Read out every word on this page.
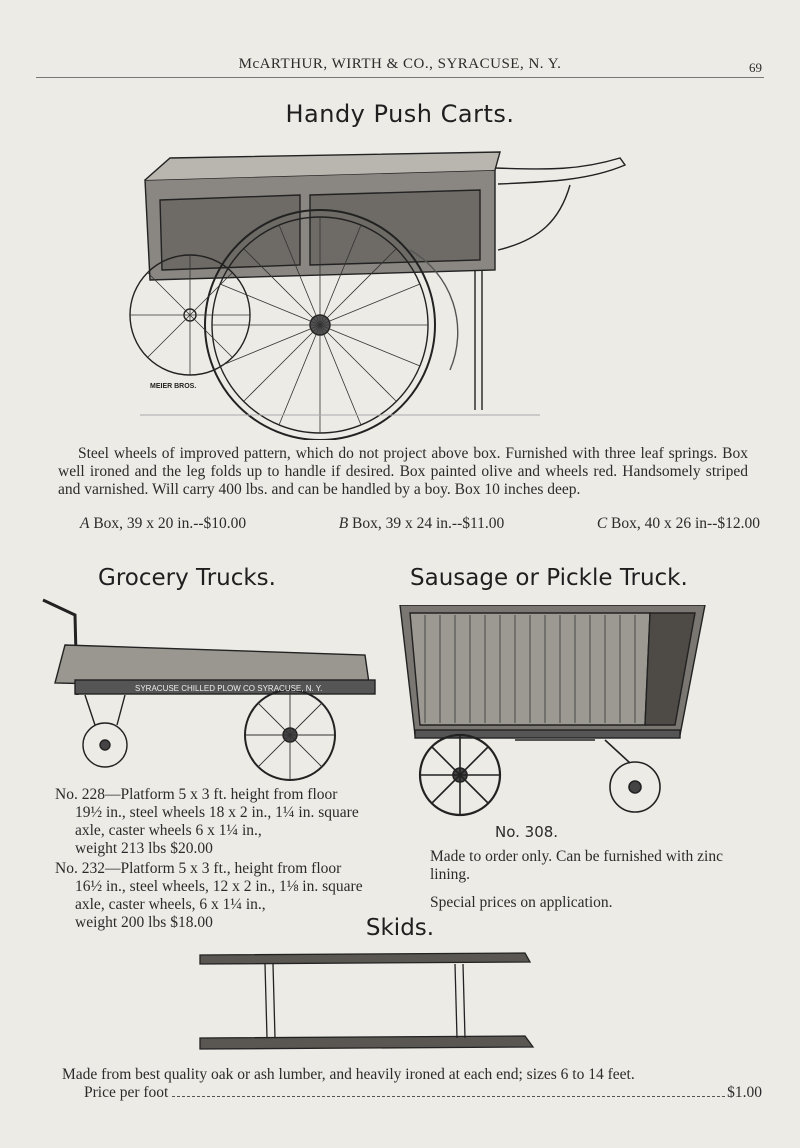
McARTHUR, WIRTH & CO., SYRACUSE, N. Y.	69
Handy Push Carts.
MEIER BROS.
Steel wheels of improved pattern, which do not project above box. Furnished with three leaf springs. Box well ironed and the leg folds up to handle if desired. Box painted olive and wheels red. Handsomely striped and varnished. Will carry 400 lbs. and can be handled by a boy. Box 10 inches deep.
A Box, 39 x 20 in.--$10.00	B Box, 39 x 24 in.--$11.00	C Box, 40 x 26 in--$12.00
Grocery Trucks.	Sausage or Pickle Truck.
SYRACUSE CHILLED PLOW CO SYRACUSE, N. Y.
No. 228—Platform 5 x 3 ft. height from floor
19½ in., steel wheels 18 x 2 in., 1¼ in. square axle, caster wheels 6 x 1¼ in.,
weight 213 lbs $20.00
No. 232—Platform 5 x 3 ft., height from floor
16½ in., steel wheels, 12 x 2 in., 1⅛ in. square axle, caster wheels, 6 x 1¼ in.,
weight 200 lbs $18.00
No. 308.

Made to order only. Can be furnished with zinc lining.

Special prices on application.

Skids.
Made from best quality oak or ash lumber, and heavily ironed at each end; sizes 6 to 14 feet.
Price per foot	$1.00
